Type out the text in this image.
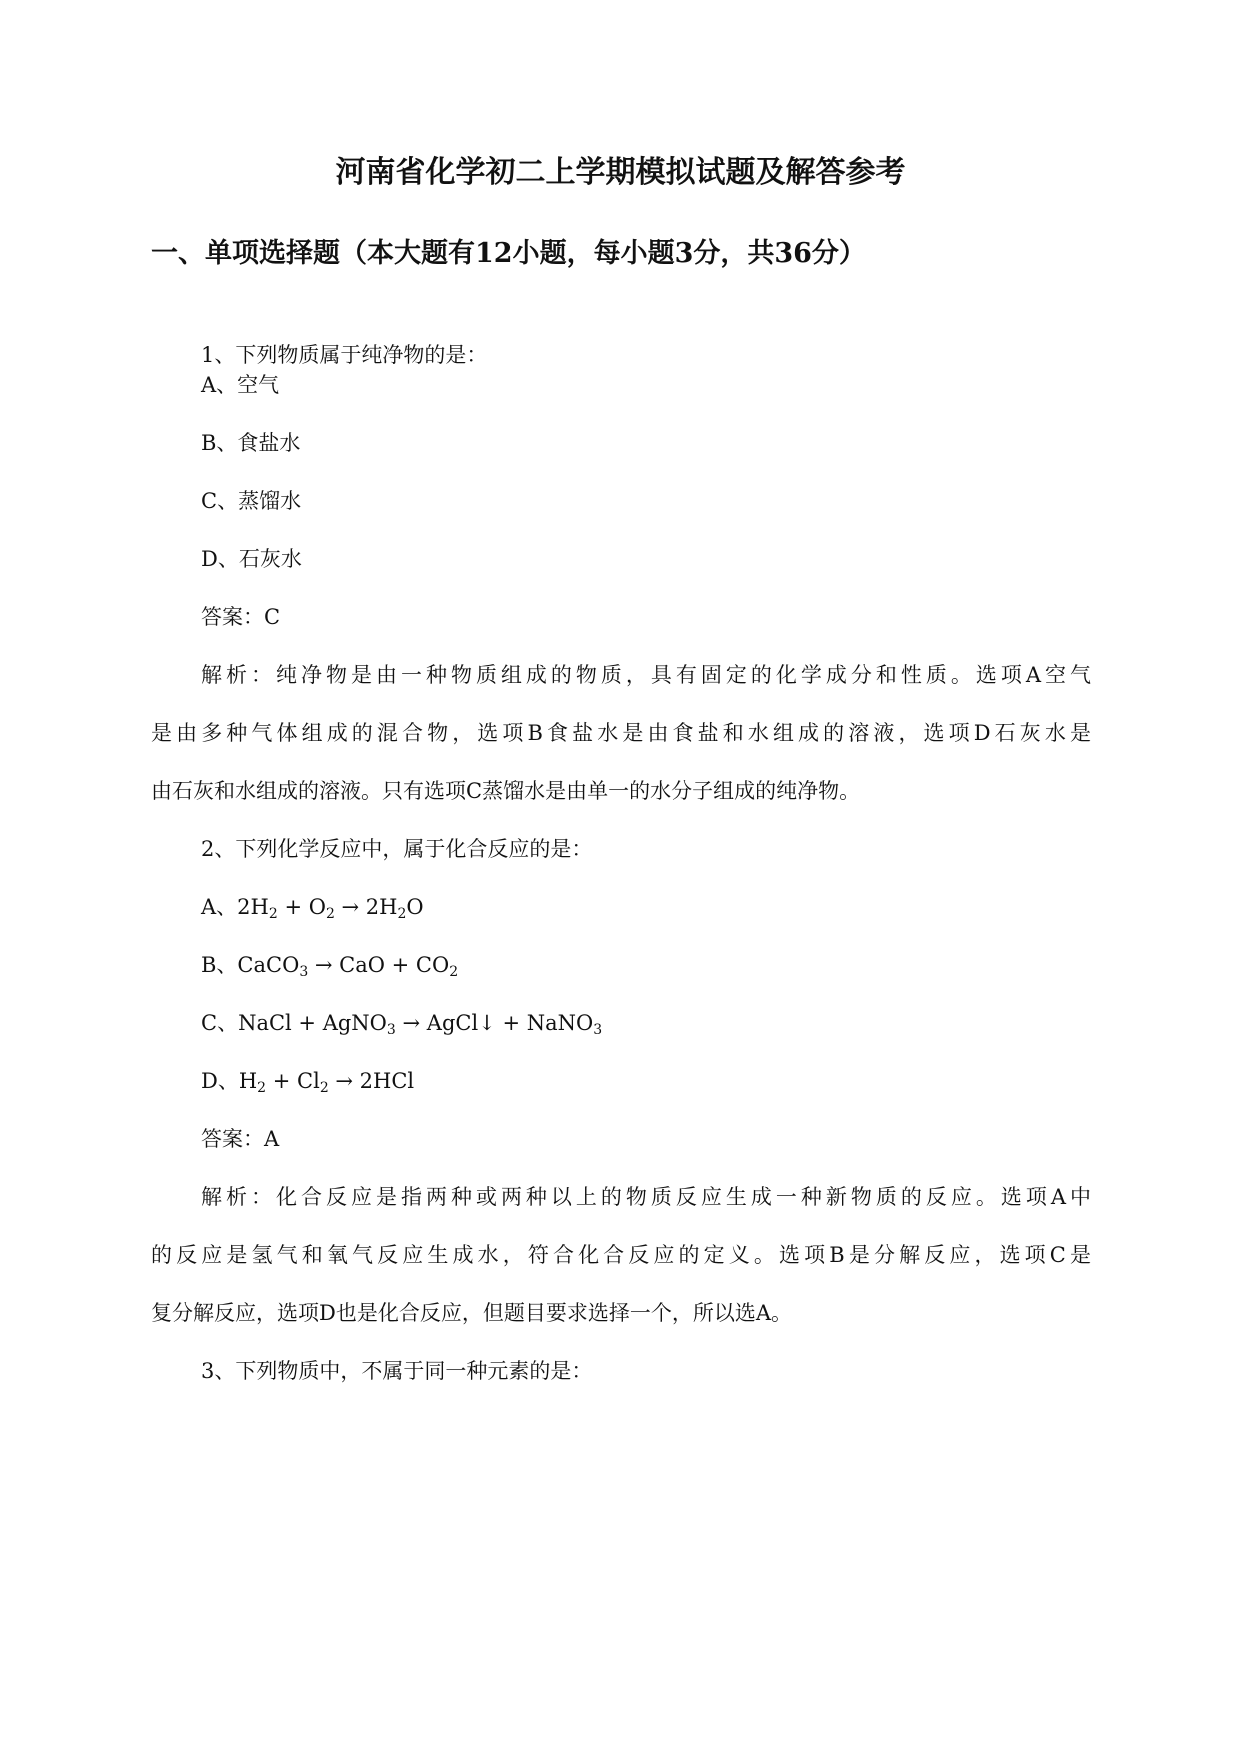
河南省化学初二上学期模拟试题及解答参考
一、单项选择题（本大题有12小题，每小题3分，共36分）
1、下列物质属于纯净物的是：
A、空气
B、食盐水
C、蒸馏水
D、石灰水
答案：C
解析：纯净物是由一种物质组成的物质，具有固定的化学成分和性质。选项A空气
是由多种气体组成的混合物，选项B食盐水是由食盐和水组成的溶液，选项D石灰水是
由石灰和水组成的溶液。只有选项C蒸馏水是由单一的水分子组成的纯净物。
2、下列化学反应中，属于化合反应的是：
A、$2H_2 + O_2 \to 2H_2O$
B、CaCO$_3$ → CaO + $CO_2$
C、NaCl + AgNO$_3$ → AgCl↓ + NaNO$_3$
D、$H_2 + Cl_2 \to 2HCl$
答案：A
解析：化合反应是指两种或两种以上的物质反应生成一种新物质的反应。选项A中
的反应是氢气和氧气反应生成水，符合化合反应的定义。选项B是分解反应，选项C是
复分解反应，选项D也是化合反应，但题目要求选择一个，所以选A。
3、下列物质中，不属于同一种元素的是：
